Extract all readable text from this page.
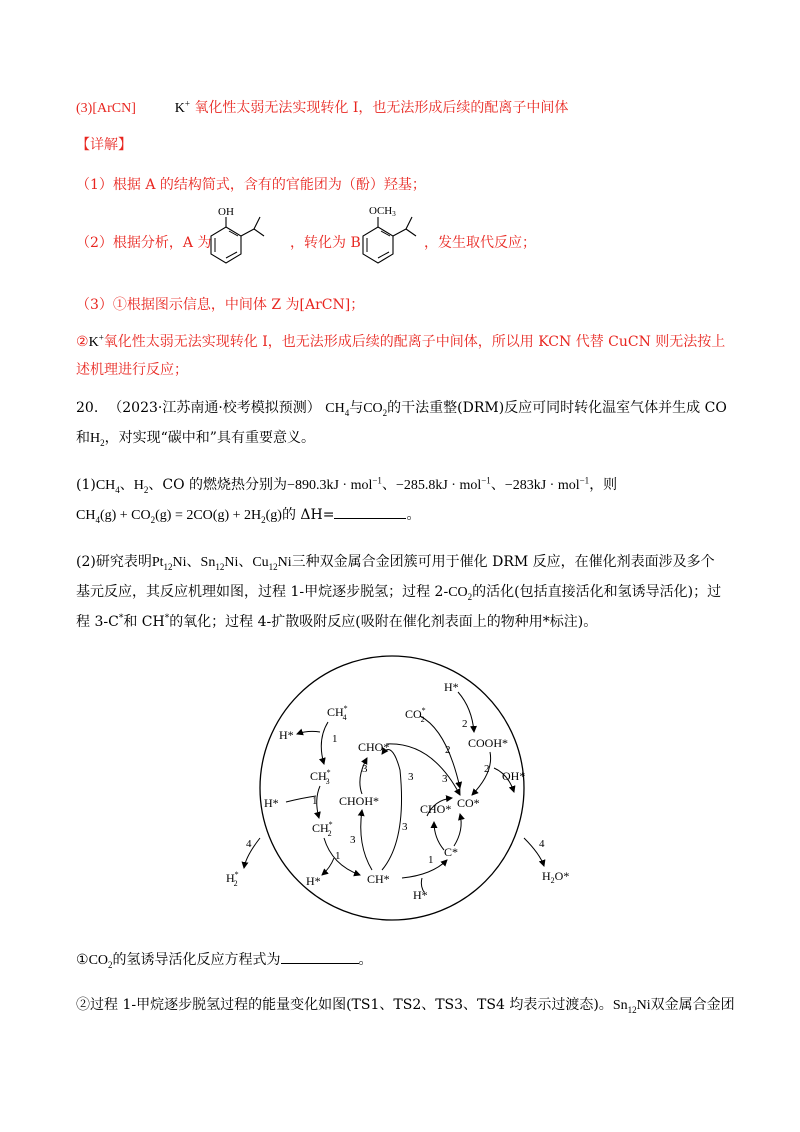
(3)[ArCN]	K+ 氧化性太弱无法实现转化 I，也无法形成后续的配离子中间体
【详解】
（1）根据 A 的结构简式，含有的官能团为（酚）羟基；
（2）根据分析，A 为
OH
，转化为 B
OCH3
，发生取代反应；
（3）①根据图示信息，中间体 Z 为[ArCN]；
②K+氧化性太弱无法实现转化 I，也无法形成后续的配离子中间体，所以用 KCN 代替 CuCN 则无法按上
述机理进行反应；
20. （2023·江苏南通·校考模拟预测） $CH_4$与$CO_2$的干法重整(DRM)反应可同时转化温室气体并生成 CO
和$H_2$，对实现“碳中和”具有重要意义。
$(1)CH_4$、$H_2$、CO 的燃烧热分别为−890.3kJ · mol$^{-1}$、−285.8kJ · mol$^{-1}$、−283kJ · mol$^{-1}$，则
$CH_4(g) + CO_2(g) = 2CO(g) + 2H_2(g)$的 ΔH=	。
(2)研究表明$Pt_{12}Ni$、$Sn_{12}Ni$、$Cu_{12}Ni$三种双金属合金团簇可用于催化 DRM 反应，在催化剂表面涉及多个
基元反应，其反应机理如图，过程 1-甲烷逐步脱氢；过程 $2-CO_2$的活化(包括直接活化和氢诱导活化)；过
程 3-C*和 CH*的氧化；过程 4-扩散吸附反应(吸附在催化剂表面上的物种用*标注)。
CH* 4
H*
CH* 3
H*
CH* 2
H*	CH*
CO* 2
H*
COOH*
CHO*
CHOH*
CHO* CO*
C*
H*
OH*
H* 2
$H_2O*$
1
1
1	1
2
2
2
3
3
3
3
3
4	4
$①CO_2$的氢诱导活化反应方程式为	。
②过程 1-甲烷逐步脱氢过程的能量变化如图(TS1、TS2、TS3、TS4 均表示过渡态)。$Sn_{12}Ni$双金属合金团
